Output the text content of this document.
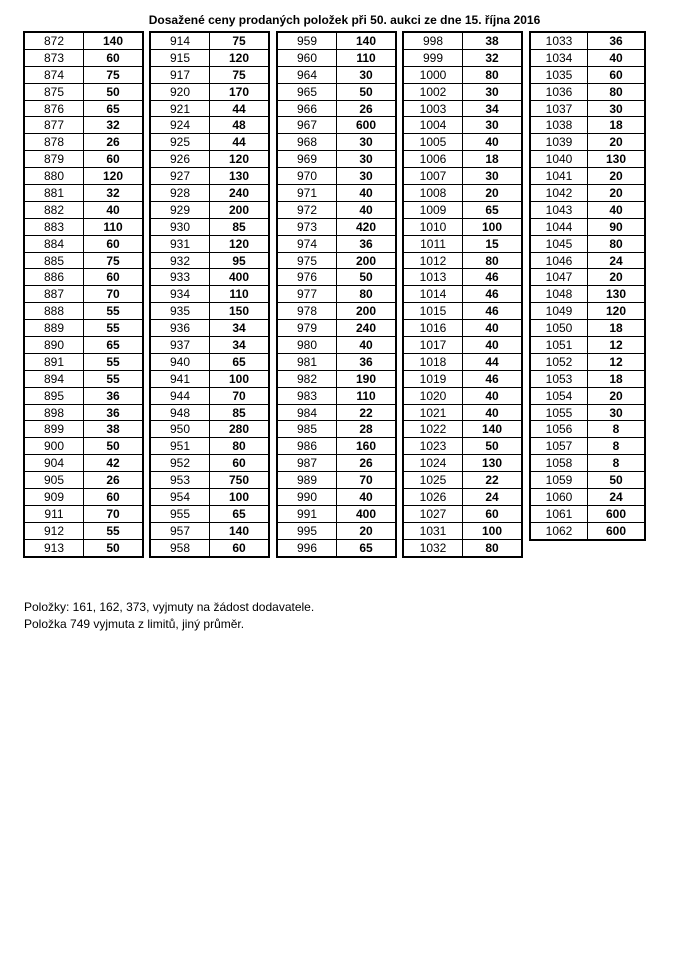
Dosažené ceny prodaných položek při 50. aukci ze dne 15. října 2016
872	140
873	60
874	75
875	50
876	65
877	32
878	26
879	60
880	120
881	32
882	40
883	110
884	60
885	75
886	60
887	70
888	55
889	55
890	65
891	55
894	55
895	36
898	36
899	38
900	50
904	42
905	26
909	60
911	70
912	55
913	50
914	75
915	120
917	75
920	170
921	44
924	48
925	44
926	120
927	130
928	240
929	200
930	85
931	120
932	95
933	400
934	110
935	150
936	34
937	34
940	65
941	100
944	70
948	85
950	280
951	80
952	60
953	750
954	100
955	65
957	140
958	60
959	140
960	110
964	30
965	50
966	26
967	600
968	30
969	30
970	30
971	40
972	40
973	420
974	36
975	200
976	50
977	80
978	200
979	240
980	40
981	36
982	190
983	110
984	22
985	28
986	160
987	26
989	70
990	40
991	400
995	20
996	65
998	38
999	32
1000	80
1002	30
1003	34
1004	30
1005	40
1006	18
1007	30
1008	20
1009	65
1010	100
1011	15
1012	80
1013	46
1014	46
1015	46
1016	40
1017	40
1018	44
1019	46
1020	40
1021	40
1022	140
1023	50
1024	130
1025	22
1026	24
1027	60
1031	100
1032	80
1033	36
1034	40
1035	60
1036	80
1037	30
1038	18
1039	20
1040	130
1041	20
1042	20
1043	40
1044	90
1045	80
1046	24
1047	20
1048	130
1049	120
1050	18
1051	12
1052	12
1053	18
1054	20
1055	30
1056	8
1057	8
1058	8
1059	50
1060	24
1061	600
1062	600
Položky: 161, 162, 373, vyjmuty na žádost dodavatele.
Položka 749 vyjmuta z limitů, jiný průměr.
